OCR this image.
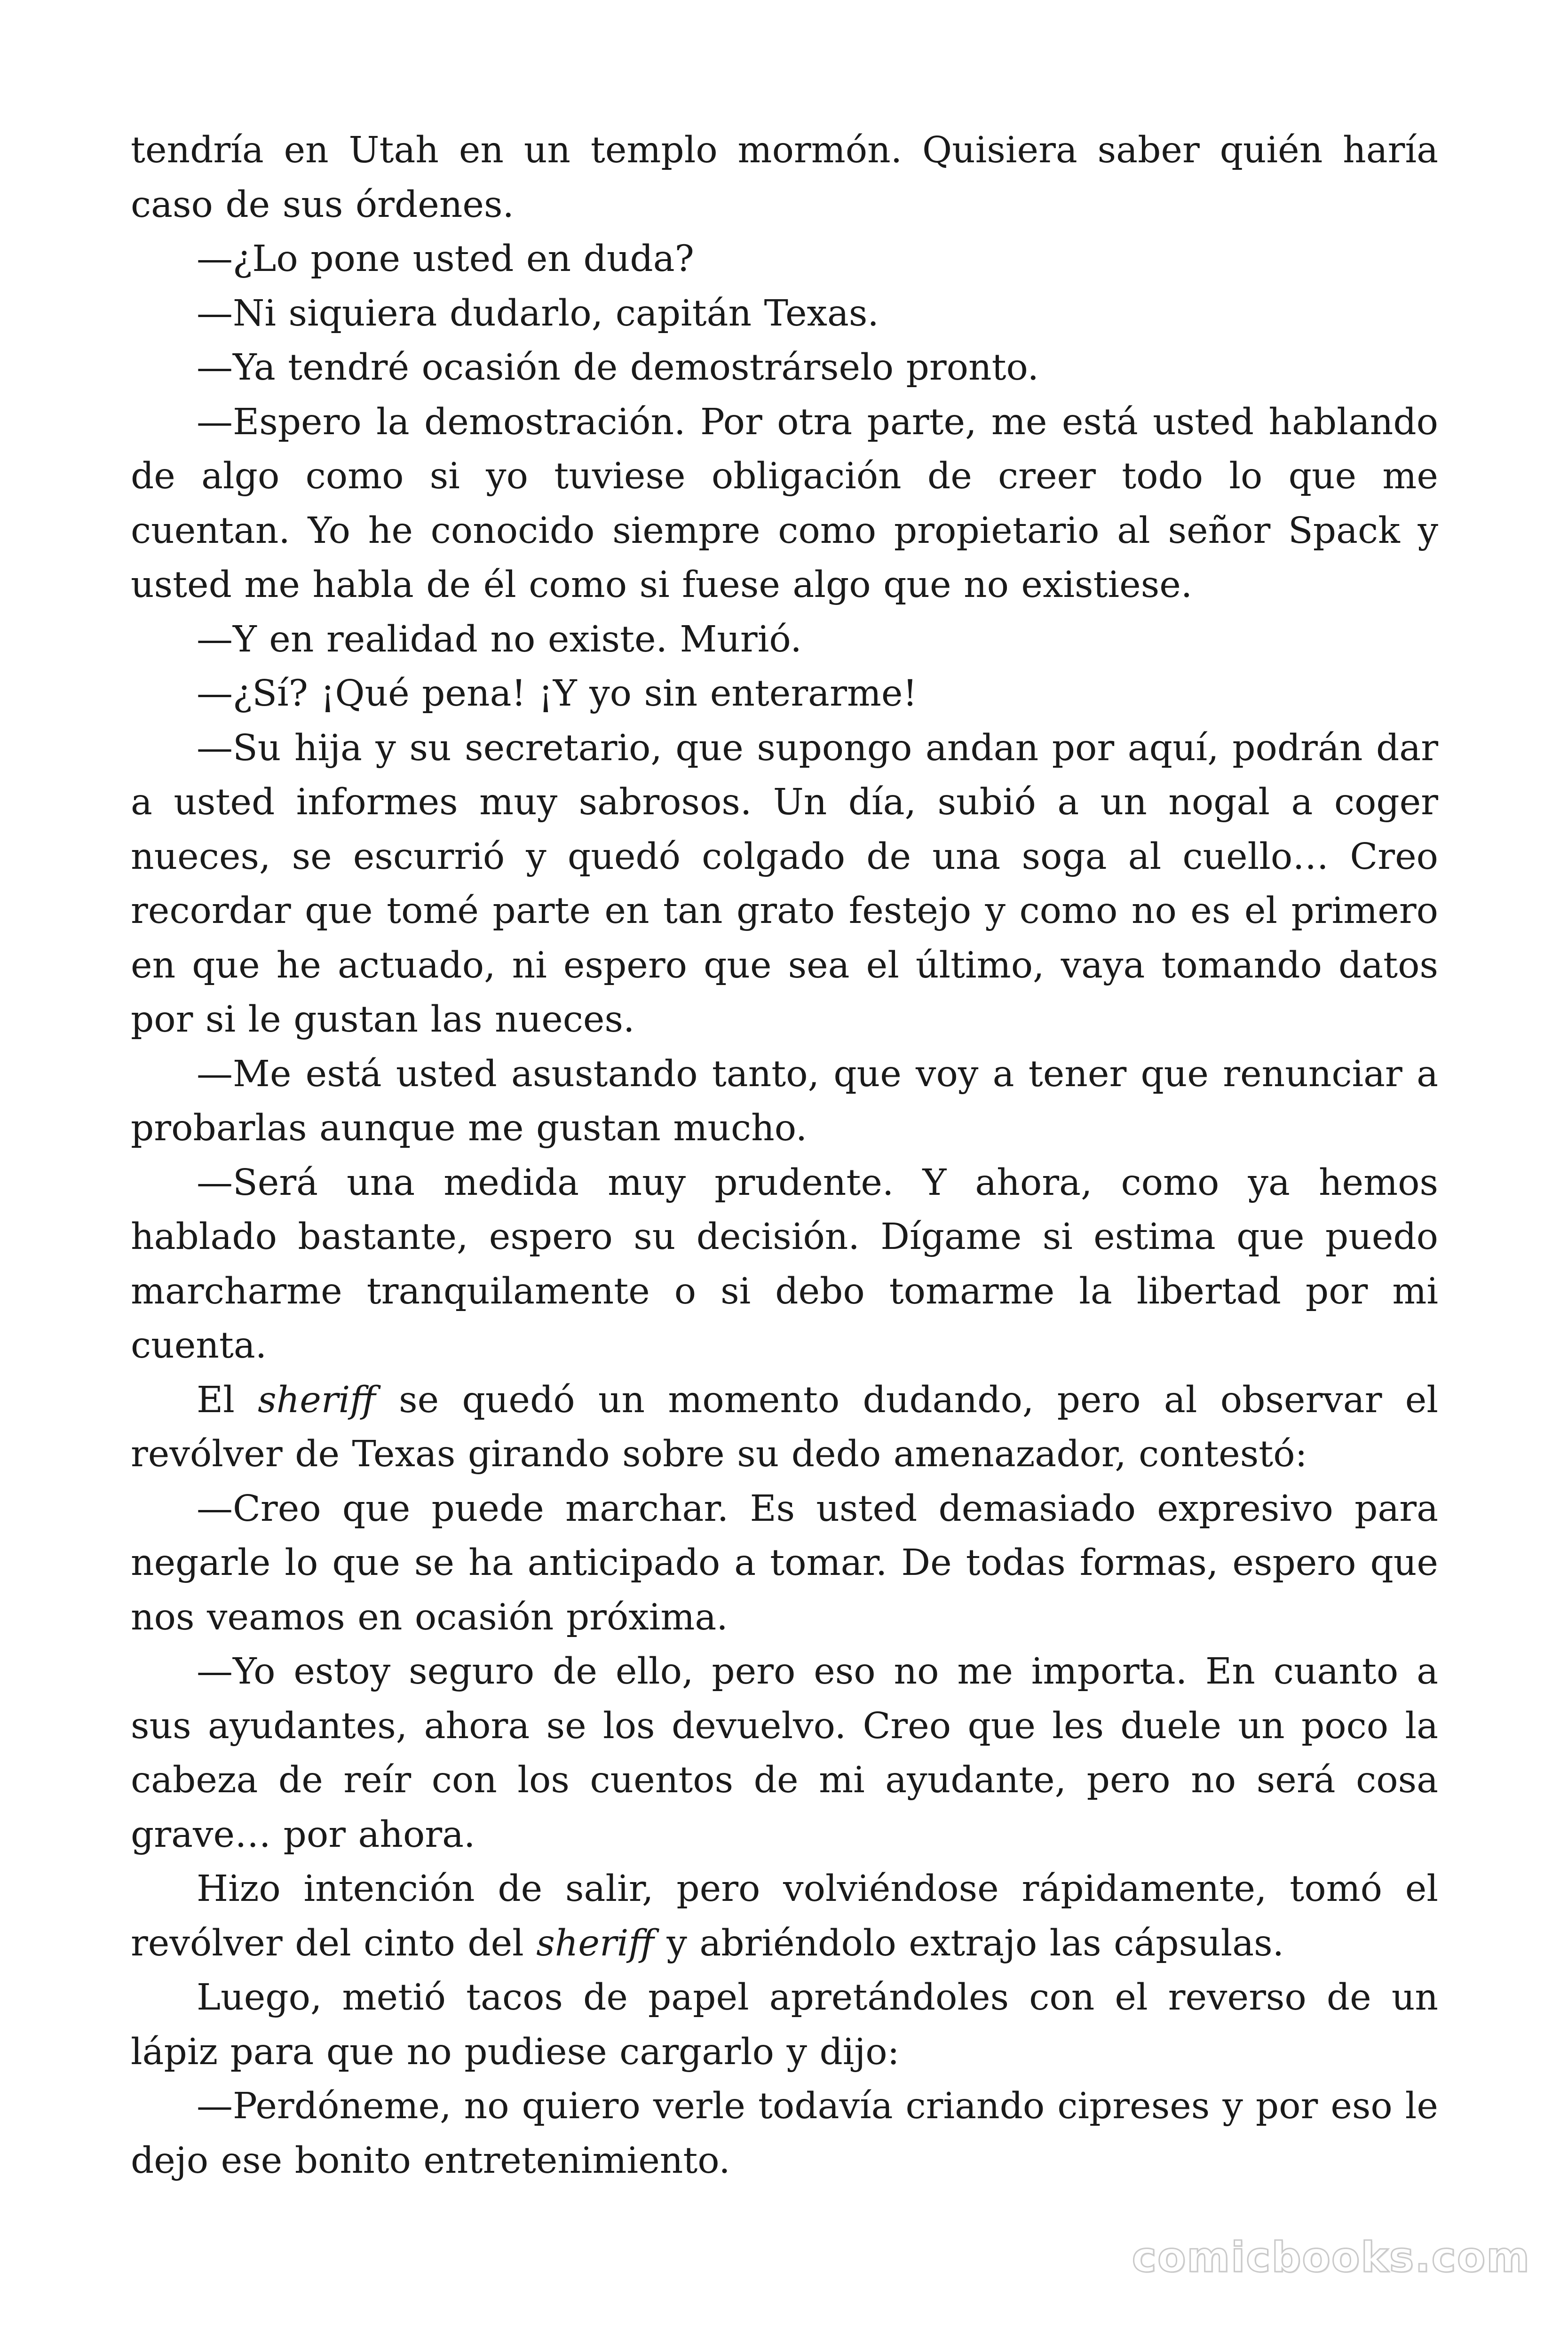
tendría en Utah en un templo mormón. Quisiera saber quién haría caso de sus órdenes.

—¿Lo pone usted en duda?

—Ni siquiera dudarlo, capitán Texas.

—Ya tendré ocasión de demostrárselo pronto.

—Espero la demostración. Por otra parte, me está usted hablando de algo como si yo tuviese obligación de creer todo lo que me cuentan. Yo he conocido siempre como propietario al señor Spack y usted me habla de él como si fuese algo que no existiese.

—Y en realidad no existe. Murió.

—¿Sí? ¡Qué pena! ¡Y yo sin enterarme!

—Su hija y su secretario, que supongo andan por aquí, podrán dar a usted informes muy sabrosos. Un día, subió a un nogal a coger nueces, se escurrió y quedó colgado de una soga al cuello… Creo recordar que tomé parte en tan grato festejo y como no es el primero en que he actuado, ni espero que sea el último, vaya tomando datos por si le gustan las nueces.

—Me está usted asustando tanto, que voy a tener que renunciar a probarlas aunque me gustan mucho.

—Será una medida muy prudente. Y ahora, como ya hemos hablado bastante, espero su decisión. Dígame si estima que puedo marcharme tranquilamente o si debo tomarme la libertad por mi cuenta.

El sheriff se quedó un momento dudando, pero al observar el revólver de Texas girando sobre su dedo amenazador, contestó:

—Creo que puede marchar. Es usted demasiado expresivo para negarle lo que se ha anticipado a tomar. De todas formas, espero que nos veamos en ocasión próxima.

—Yo estoy seguro de ello, pero eso no me importa. En cuanto a sus ayudantes, ahora se los devuelvo. Creo que les duele un poco la cabeza de reír con los cuentos de mi ayudante, pero no será cosa grave… por ahora.

Hizo intención de salir, pero volviéndose rápidamente, tomó el revólver del cinto del sheriff y abriéndolo extrajo las cápsulas.

Luego, metió tacos de papel apretándoles con el reverso de un lápiz para que no pudiese cargarlo y dijo:

—Perdóneme, no quiero verle todavía criando cipreses y por eso le dejo ese bonito entretenimiento.

comicbooks.com
